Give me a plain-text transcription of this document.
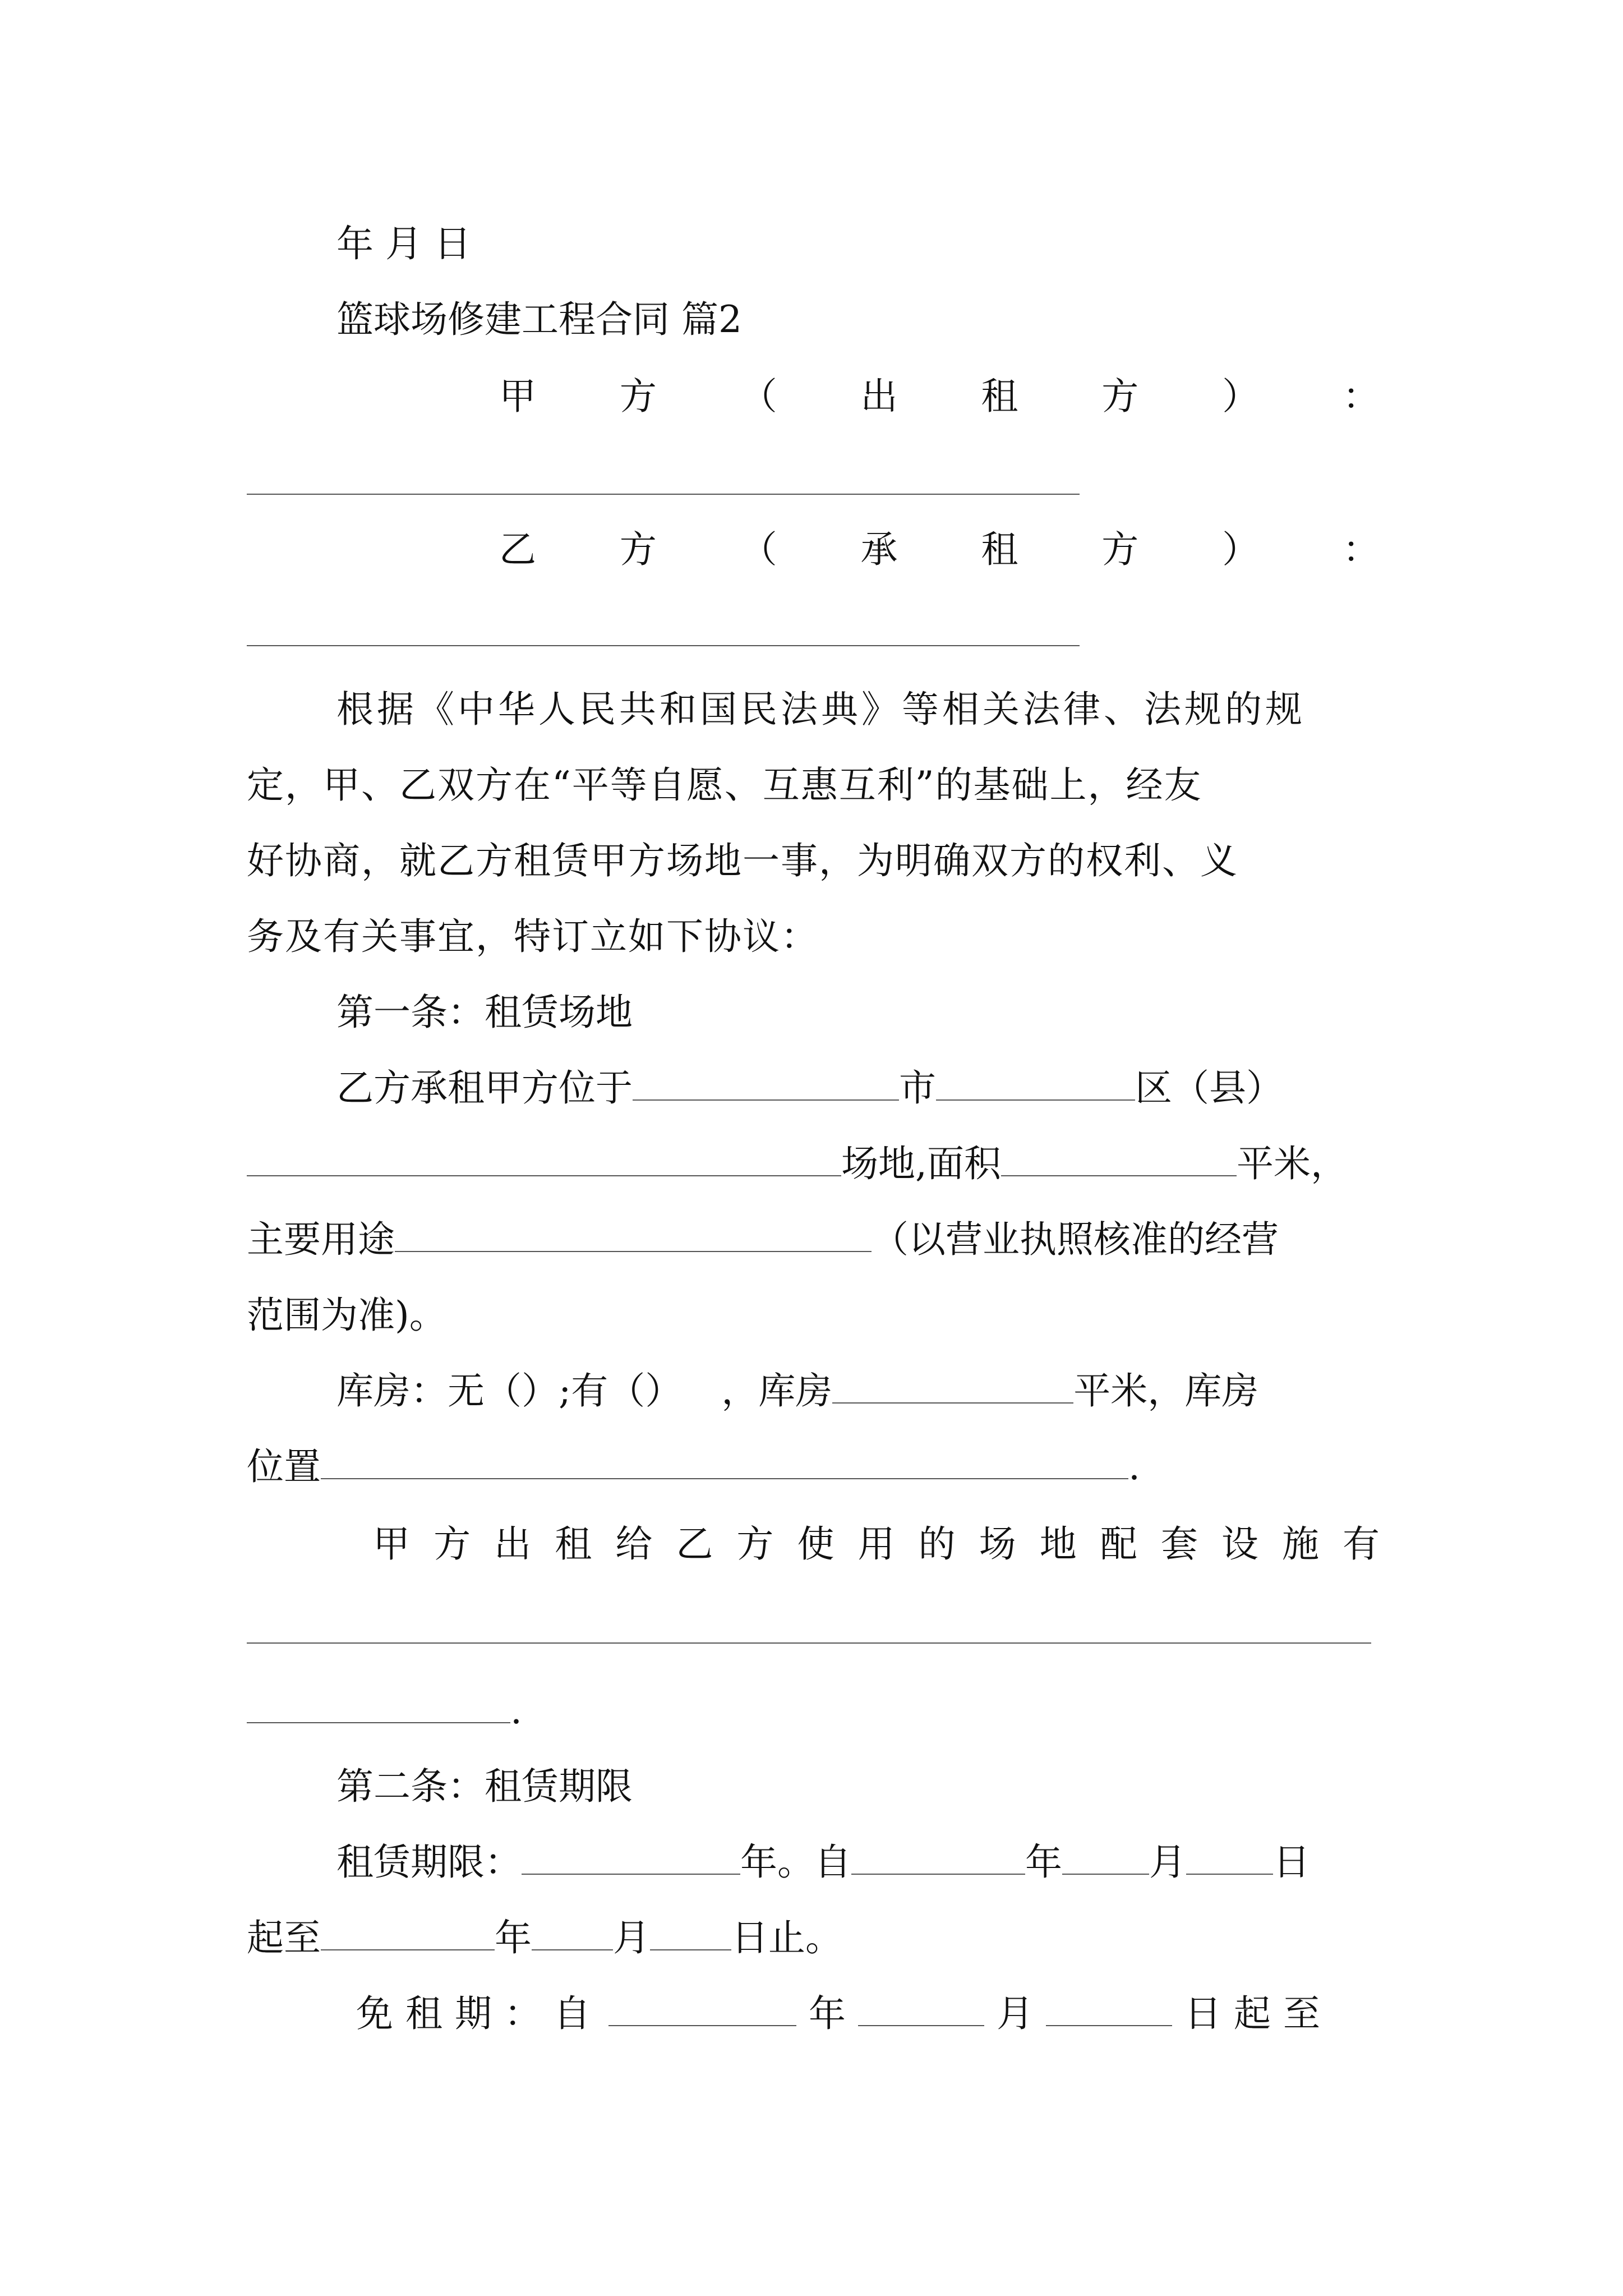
年 月 日
篮球场修建工程合同 篇2
甲 方 （ 出 租 方 ） ：
乙 方 （ 承 租 方 ） ：
根据《中华人民共和国民法典》等相关法律、法规的规
定，甲、乙双方在“平等自愿、互惠互利”的基础上，经友
好协商，就乙方租赁甲方场地一事，为明确双方的权利、义
务及有关事宜，特订立如下协议：
第一条：租赁场地
乙方承租甲方位于	市	区（县）
场地,面积	平米，
主要用途	（以营业执照核准的经营
范围为准)。
库房：无（）;有（） ，库房	平米，库房
位置	.
甲 方 出 租 给 乙 方 使 用 的 场 地 配 套 设 施 有
.
第二条：租赁期限
租赁期限：	年。自	年 月 日
起至	年 月 日止。
免租期：自	年	月	日起至
